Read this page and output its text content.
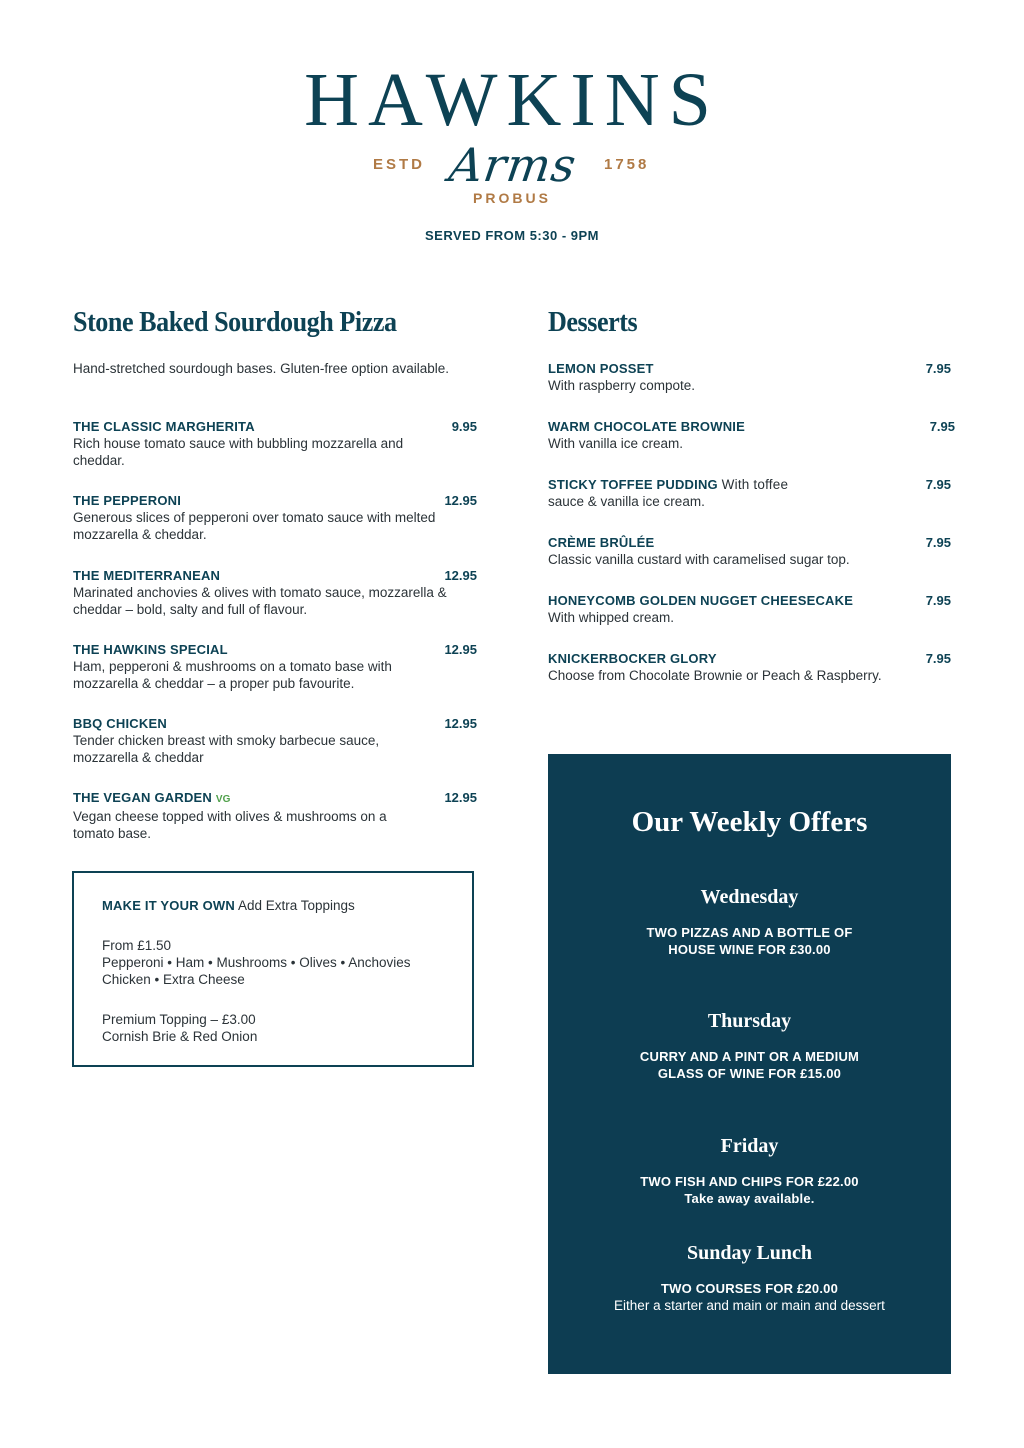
HAWKINS
ESTD Arms	1758
PROBUS
SERVED FROM 5:30 - 9PM
Stone Baked Sourdough Pizza
Hand-stretched sourdough bases. Gluten-free option available.
THE CLASSIC MARGHERITA	9.95
Rich house tomato sauce with bubbling mozzarella and cheddar.
THE PEPPERONI	12.95
Generous slices of pepperoni over tomato sauce with melted mozzarella & cheddar.
THE MEDITERRANEAN	12.95
Marinated anchovies & olives with tomato sauce, mozzarella & cheddar – bold, salty and full of flavour.
THE HAWKINS SPECIAL	12.95
Ham, pepperoni & mushrooms on a tomato base with mozzarella & cheddar – a proper pub favourite.
BBQ CHICKEN	12.95
Tender chicken breast with smoky barbecue sauce, mozzarella & cheddar
THE VEGAN GARDEN VG	12.95
Vegan cheese topped with olives & mushrooms on a tomato base.
MAKE IT YOUR OWN Add Extra Toppings
From £1.50
Pepperoni • Ham • Mushrooms • Olives • Anchovies
Chicken • Extra Cheese
Premium Topping – £3.00
Cornish Brie & Red Onion
Desserts
LEMON POSSET	7.95
With raspberry compote.
WARM CHOCOLATE BROWNIE	7.95
With vanilla ice cream.
STICKY TOFFEE PUDDING With toffee	7.95
sauce & vanilla ice cream.
CRÈME BRÛLÉE	7.95
Classic vanilla custard with caramelised sugar top.
HONEYCOMB GOLDEN NUGGET CHEESECAKE	7.95
With whipped cream.
KNICKERBOCKER GLORY	7.95
Choose from Chocolate Brownie or Peach & Raspberry.
Our Weekly Offers
Wednesday
TWO PIZZAS AND A BOTTLE OF
HOUSE WINE FOR £30.00
Thursday
CURRY AND A PINT OR A MEDIUM
GLASS OF WINE FOR £15.00
Friday
TWO FISH AND CHIPS FOR £22.00
Take away available.
Sunday Lunch
TWO COURSES FOR £20.00
Either a starter and main or main and dessert
